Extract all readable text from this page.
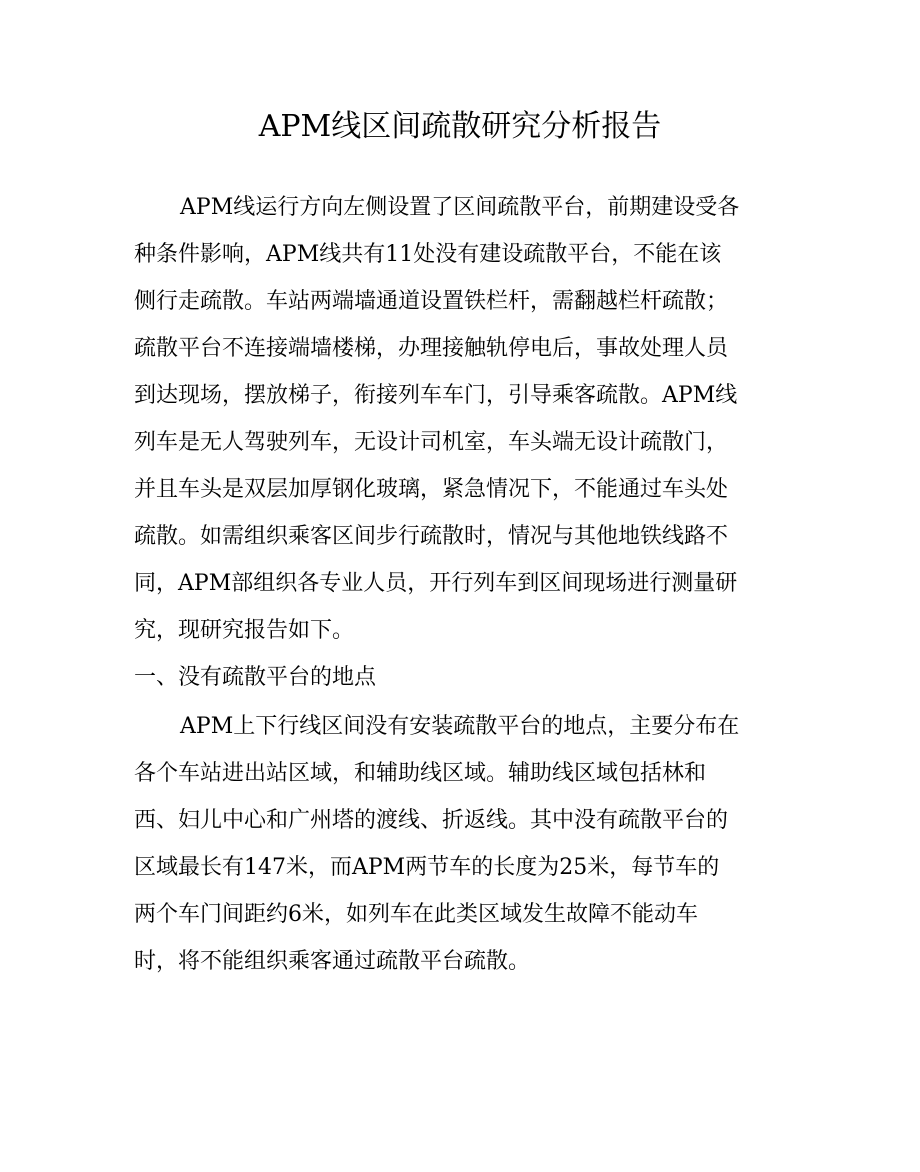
APM线区间疏散研究分析报告

APM线运行方向左侧设置了区间疏散平台，前期建设受各

种条件影响，APM线共有11处没有建设疏散平台，不能在该

侧行走疏散。车站两端墙通道设置铁栏杆，需翻越栏杆疏散；

疏散平台不连接端墙楼梯，办理接触轨停电后，事故处理人员

到达现场，摆放梯子，衔接列车车门，引导乘客疏散。APM线

列车是无人驾驶列车，无设计司机室，车头端无设计疏散门，

并且车头是双层加厚钢化玻璃，紧急情况下，不能通过车头处

疏散。如需组织乘客区间步行疏散时，情况与其他地铁线路不

同，APM部组织各专业人员，开行列车到区间现场进行测量研

究，现研究报告如下。

一、没有疏散平台的地点

APM上下行线区间没有安装疏散平台的地点，主要分布在

各个车站进出站区域，和辅助线区域。辅助线区域包括林和

西、妇儿中心和广州塔的渡线、折返线。其中没有疏散平台的

区域最长有147米，而APM两节车的长度为25米，每节车的

两个车门间距约6米，如列车在此类区域发生故障不能动车

时，将不能组织乘客通过疏散平台疏散。
